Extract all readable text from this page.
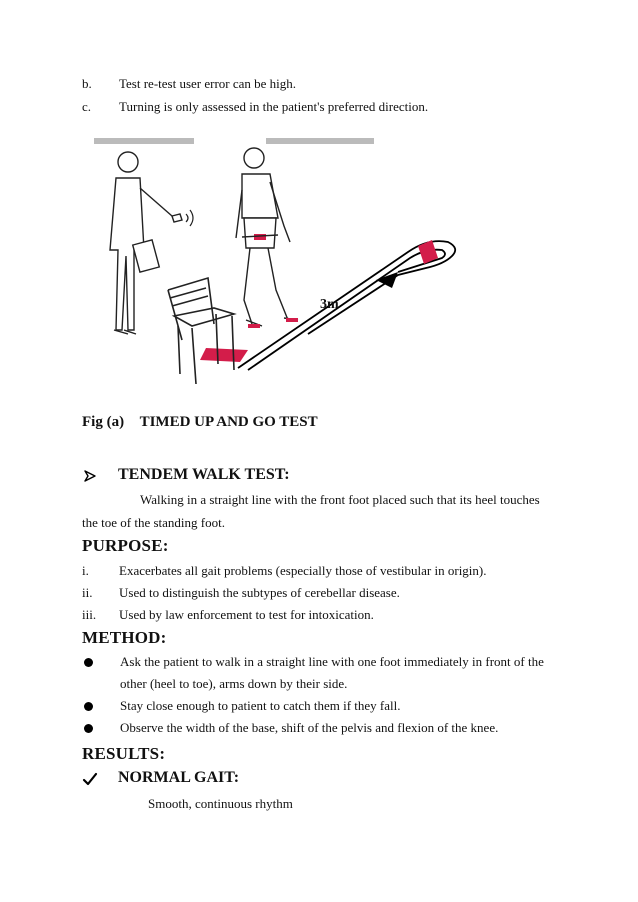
b. Test re-test user error can be high.
c. Turning is only assessed in the patient's preferred direction.
3m
Fig (a) TIMED UP AND GO TEST
TENDEM WALK TEST:
Walking in a straight line with the front foot placed such that its heel touches
the toe of the standing foot.
PURPOSE:
i. Exacerbates all gait problems (especially those of vestibular in origin).
ii. Used to distinguish the subtypes of cerebellar disease.
iii. Used by law enforcement to test for intoxication.
METHOD:
Ask the patient to walk in a straight line with one foot immediately in front of the
other (heel to toe), arms down by their side.
Stay close enough to patient to catch them if they fall.
Observe the width of the base, shift of the pelvis and flexion of the knee.
RESULTS:
NORMAL GAIT:
Smooth, continuous rhythm
